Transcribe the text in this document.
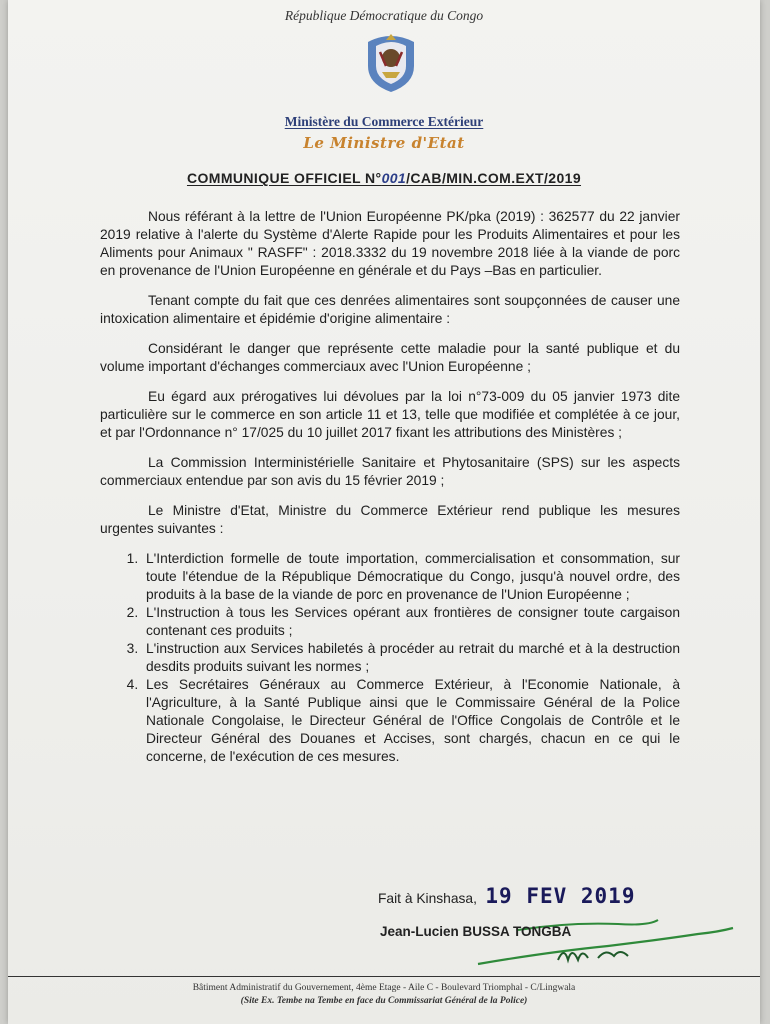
République Démocratique du Congo
Ministère du Commerce Extérieur
Le Ministre d'Etat
COMMUNIQUE OFFICIEL N°001/CAB/MIN.COM.EXT/2019

Nous référant à la lettre de l'Union Européenne PK/pka (2019) : 362577 du 22 janvier 2019 relative à l'alerte du Système d'Alerte Rapide pour les Produits Alimentaires et pour les Aliments pour Animaux " RASFF" : 2018.3332 du 19 novembre 2018 liée à la viande de porc en provenance de l'Union Européenne en générale et du Pays –Bas en particulier.

Tenant compte du fait que ces denrées alimentaires sont soupçonnées de causer une intoxication alimentaire et épidémie d'origine alimentaire :

Considérant le danger que représente cette maladie pour la santé publique et du volume important d'échanges commerciaux avec l'Union Européenne ;

Eu égard aux prérogatives lui dévolues par la loi n°73-009 du 05 janvier 1973 dite particulière sur le commerce en son article 11 et 13, telle que modifiée et complétée à ce jour, et par l'Ordonnance n° 17/025 du 10 juillet 2017 fixant les attributions des Ministères ;

La Commission Interministérielle Sanitaire et Phytosanitaire (SPS) sur les aspects commerciaux entendue par son avis du 15 février 2019 ;

Le Ministre d'Etat, Ministre du Commerce Extérieur rend publique les mesures urgentes suivantes :

1. L'Interdiction formelle de toute importation, commercialisation et consommation, sur toute l'étendue de la République Démocratique du Congo, jusqu'à nouvel ordre, des produits à la base de la viande de porc en provenance de l'Union Européenne ;
2. L'Instruction à tous les Services opérant aux frontières de consigner toute cargaison contenant ces produits ;
3. L'instruction aux Services habiletés à procéder au retrait du marché et à la destruction desdits produits suivant les normes ;
4. Les Secrétaires Généraux au Commerce Extérieur, à l'Economie Nationale, à l'Agriculture, à la Santé Publique ainsi que le Commissaire Général de la Police Nationale Congolaise, le Directeur Général de l'Office Congolais de Contrôle et le Directeur Général des Douanes et Accises, sont chargés, chacun en ce qui le concerne, de l'exécution de ces mesures.
Fait à Kinshasa, 19 FEV 2019
Jean-Lucien BUSSA TONGBA
Bâtiment Administratif du Gouvernement, 4ème Etage - Aile C - Boulevard Triomphal - C/Lingwala
(Site Ex. Tembe na Tembe en face du Commissariat Général de la Police)
